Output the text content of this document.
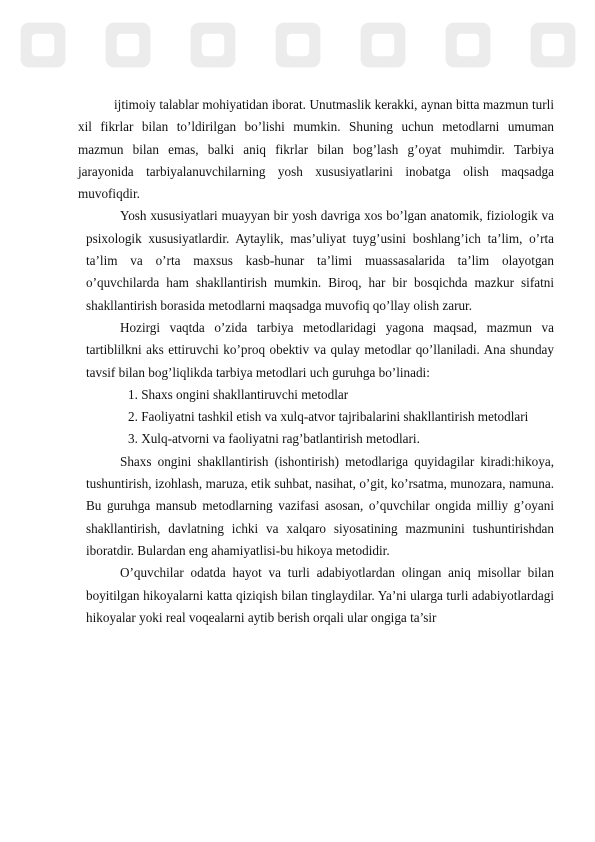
ijtimoiy talablar mohiyatidan iborat. Unutmaslik kerakki, aynan bitta mazmun turli xil fikrlar bilan to’ldirilgan bo’lishi mumkin. Shuning uchun metodlarni umuman mazmun bilan emas, balki aniq fikrlar bilan bog’lash g’oyat muhimdir. Tarbiya jarayonida tarbiyalanuvchilarning yosh xususiyatlarini inobatga olish maqsadga muvofiqdir.

Yosh xususiyatlari muayyan bir yosh davriga xos bo’lgan anatomik, fiziologik va psixologik xususiyatlardir. Aytaylik, mas’uliyat tuyg’usini boshlang’ich ta’lim, o’rta ta’lim va o’rta maxsus kasb-hunar ta’limi muassasalarida ta’lim olayotgan o’quvchilarda ham shakllantirish mumkin. Biroq, har bir bosqichda mazkur sifatni shakllantirish borasida metodlarni maqsadga muvofiq qo’llay olish zarur.

Hozirgi vaqtda o’zida tarbiya metodlaridagi yagona maqsad, mazmun va tartiblilkni aks ettiruvchi ko’proq obektiv va qulay metodlar qo’llaniladi. Ana shunday tavsif bilan bog’liqlikda tarbiya metodlari uch guruhga bo’linadi:

1. Shaxs ongini shakllantiruvchi metodlar

2. Faoliyatni tashkil etish va xulq-atvor tajribalarini shakllantirish metodlari

3. Xulq-atvorni va faoliyatni rag’batlantirish metodlari.

Shaxs ongini shakllantirish (ishontirish) metodlariga quyidagilar kiradi:hikoya, tushuntirish, izohlash, maruza, etik suhbat, nasihat, o’git, ko’rsatma, munozara, namuna. Bu guruhga mansub metodlarning vazifasi asosan, o’quvchilar ongida milliy g’oyani shakllantirish, davlatning ichki va xalqaro siyosatining mazmunini tushuntirishdan iboratdir. Bulardan eng ahamiyatlisi-bu hikoya metodidir.

O’quvchilar odatda hayot va turli adabiyotlardan olingan aniq misollar bilan boyitilgan hikoyalarni katta qiziqish bilan tinglaydilar. Ya’ni ularga turli adabiyotlardagi hikoyalar yoki real voqealarni aytib berish orqali ular ongiga ta’sir
